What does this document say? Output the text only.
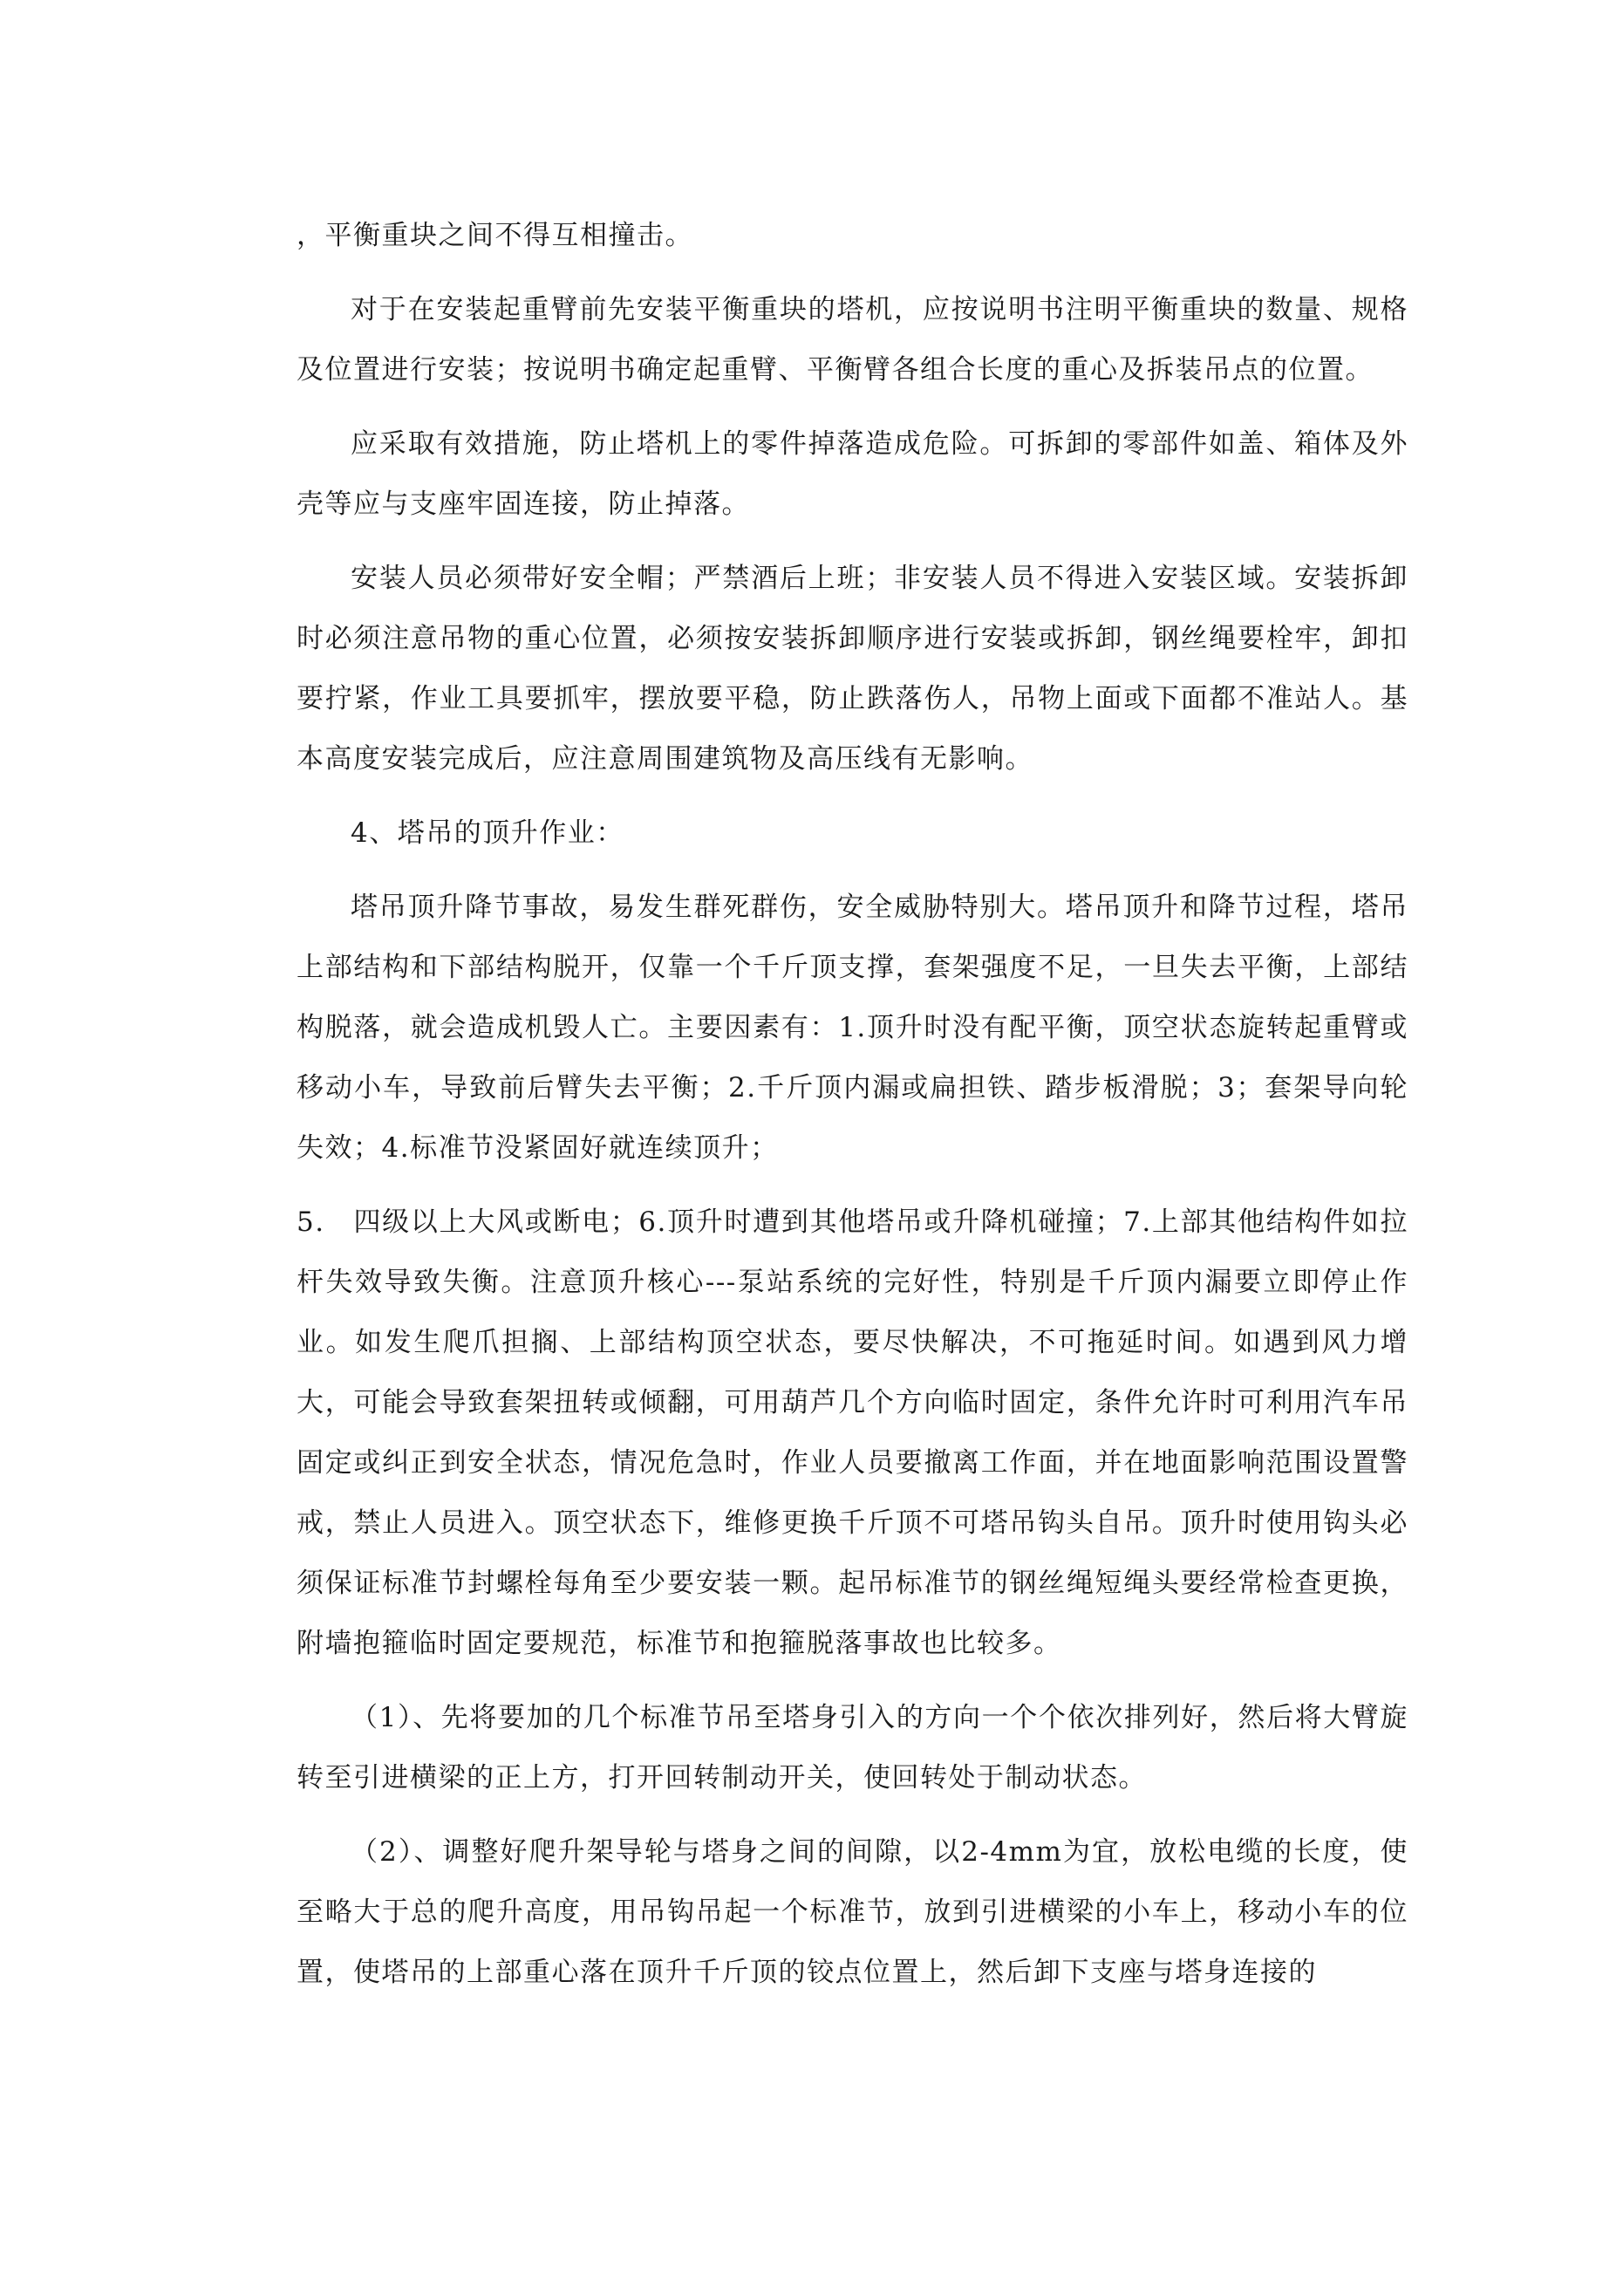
，平衡重块之间不得互相撞击。

对于在安装起重臂前先安装平衡重块的塔机，应按说明书注明平衡重块的数量、规格及位置进行安装；按说明书确定起重臂、平衡臂各组合长度的重心及拆装吊点的位置。

应采取有效措施，防止塔机上的零件掉落造成危险。可拆卸的零部件如盖、箱体及外壳等应与支座牢固连接，防止掉落。

安装人员必须带好安全帽；严禁酒后上班；非安装人员不得进入安装区域。安装拆卸时必须注意吊物的重心位置，必须按安装拆卸顺序进行安装或拆卸，钢丝绳要栓牢，卸扣要拧紧，作业工具要抓牢，摆放要平稳，防止跌落伤人，吊物上面或下面都不准站人。基本高度安装完成后，应注意周围建筑物及高压线有无影响。

4、塔吊的顶升作业：

塔吊顶升降节事故，易发生群死群伤，安全威胁特别大。塔吊顶升和降节过程，塔吊上部结构和下部结构脱开，仅靠一个千斤顶支撑，套架强度不足，一旦失去平衡，上部结构脱落，就会造成机毁人亡。主要因素有：1.顶升时没有配平衡，顶空状态旋转起重臂或移动小车，导致前后臂失去平衡；2.千斤顶内漏或扁担铁、踏步板滑脱；3；套架导向轮失效；4.标准节没紧固好就连续顶升；

5.　四级以上大风或断电；6.顶升时遭到其他塔吊或升降机碰撞；7.上部其他结构件如拉杆失效导致失衡。注意顶升核心---泵站系统的完好性，特别是千斤顶内漏要立即停止作业。如发生爬爪担搁、上部结构顶空状态，要尽快解决，不可拖延时间。如遇到风力增大，可能会导致套架扭转或倾翻，可用葫芦几个方向临时固定，条件允许时可利用汽车吊固定或纠正到安全状态，情况危急时，作业人员要撤离工作面，并在地面影响范围设置警戒，禁止人员进入。顶空状态下，维修更换千斤顶不可塔吊钩头自吊。顶升时使用钩头必须保证标准节封螺栓每角至少要安装一颗。起吊标准节的钢丝绳短绳头要经常检查更换，附墙抱箍临时固定要规范，标准节和抱箍脱落事故也比较多。

（1）、先将要加的几个标准节吊至塔身引入的方向一个个依次排列好，然后将大臂旋转至引进横梁的正上方，打开回转制动开关，使回转处于制动状态。

（2）、调整好爬升架导轮与塔身之间的间隙，以2-4mm为宜，放松电缆的长度，使至略大于总的爬升高度，用吊钩吊起一个标准节，放到引进横梁的小车上，移动小车的位置，使塔吊的上部重心落在顶升千斤顶的铰点位置上，然后卸下支座与塔身连接的
